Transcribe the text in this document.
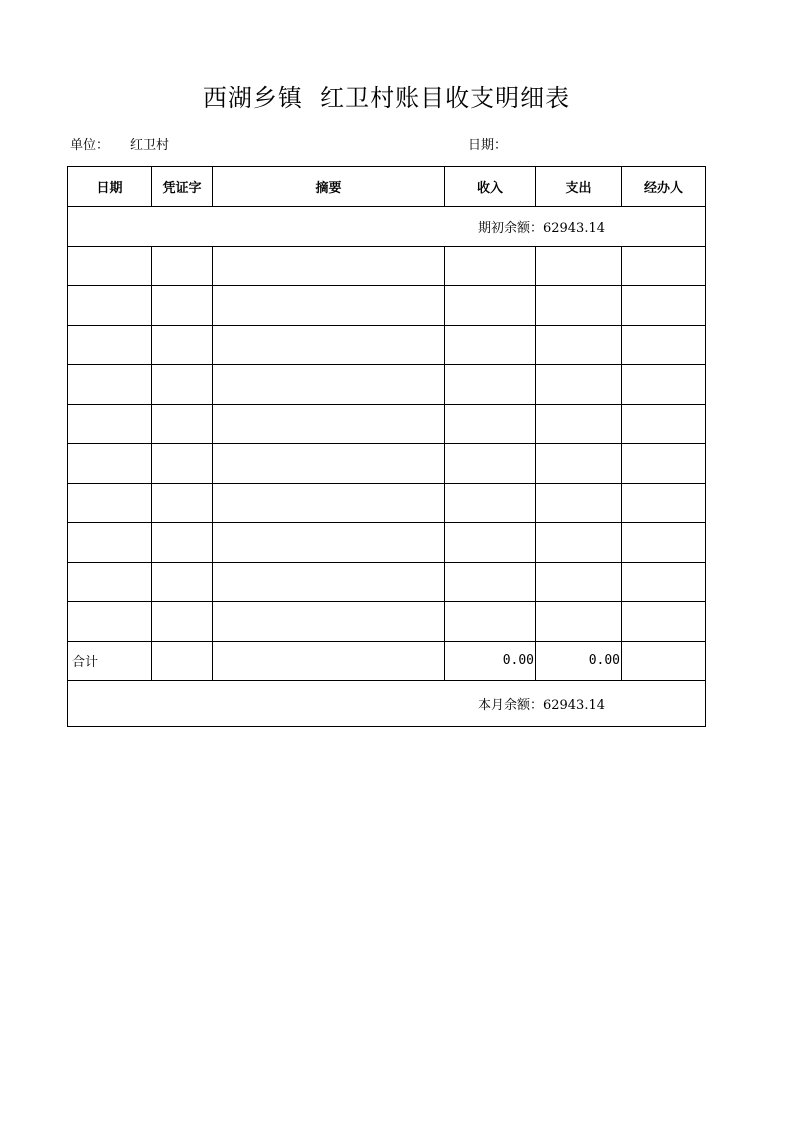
西湖乡镇  红卫村账目收支明细表
单位： 红卫村	日期：
日期	凭证字	摘要	收入	支出	经办人
期初余额：62943.14					

合计			0.00	0.00	
本月余额：62943.14					
